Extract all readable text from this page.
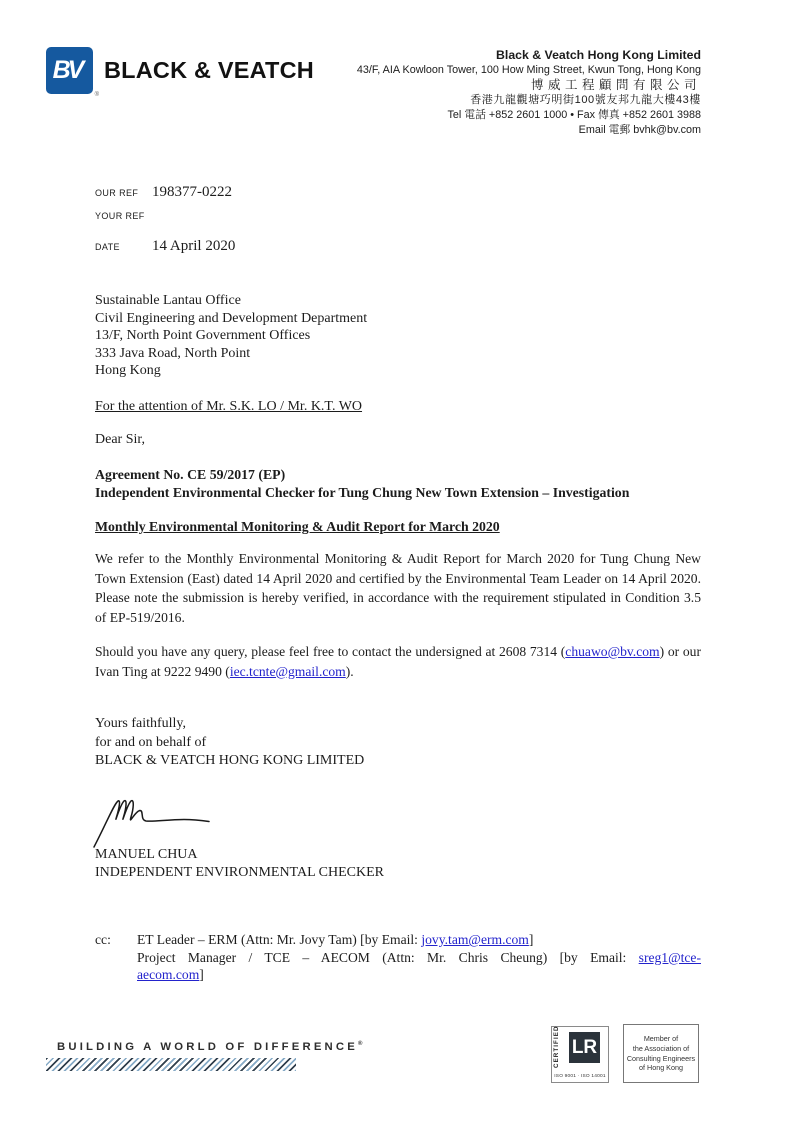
BV
®
BLACK & VEATCH
Black & Veatch Hong Kong Limited
43/F, AIA Kowloon Tower, 100 How Ming Street, Kwun Tong, Hong Kong
博威工程顧問有限公司
香港九龍觀塘巧明街100號友邦九龍大樓43樓
Tel 電話 +852 2601 1000 • Fax 傳真 +852 2601 3988
Email 電郵 bvhk@bv.com
OUR REF 198377-0222
YOUR REF
DATE	14 April 2020
Sustainable Lantau Office
Civil Engineering and Development Department
13/F, North Point Government Offices
333 Java Road, North Point
Hong Kong
For the attention of Mr. S.K. LO / Mr. K.T. WO
Dear Sir,
Agreement No. CE 59/2017 (EP)
Independent Environmental Checker for Tung Chung New Town Extension – Investigation
Monthly Environmental Monitoring & Audit Report for March 2020
We refer to the Monthly Environmental Monitoring & Audit Report for March 2020 for Tung Chung New Town Extension (East) dated 14 April 2020 and certified by the Environmental Team Leader on 14 April 2020. Please note the submission is hereby verified, in accordance with the requirement stipulated in Condition 3.5 of EP-519/2016.
Should you have any query, please feel free to contact the undersigned at 2608 7314 (chuawo@bv.com) or our Ivan Ting at 9222 9490 (iec.tcnte@gmail.com).
Yours faithfully,
for and on behalf of
BLACK & VEATCH HONG KONG LIMITED
MANUEL CHUA
INDEPENDENT ENVIRONMENTAL CHECKER
cc:	ET Leader – ERM (Attn: Mr. Jovy Tam) [by Email: jovy.tam@erm.com]
Project Manager / TCE – AECOM (Attn: Mr. Chris Cheung) [by Email: sreg1@tce-
aecom.com]
BUILDING A WORLD OF DIFFERENCE®	CERTIFIED LR
ISO 9001 · ISO 14001
Member of
the Association of
Consulting Engineers
of Hong Kong
